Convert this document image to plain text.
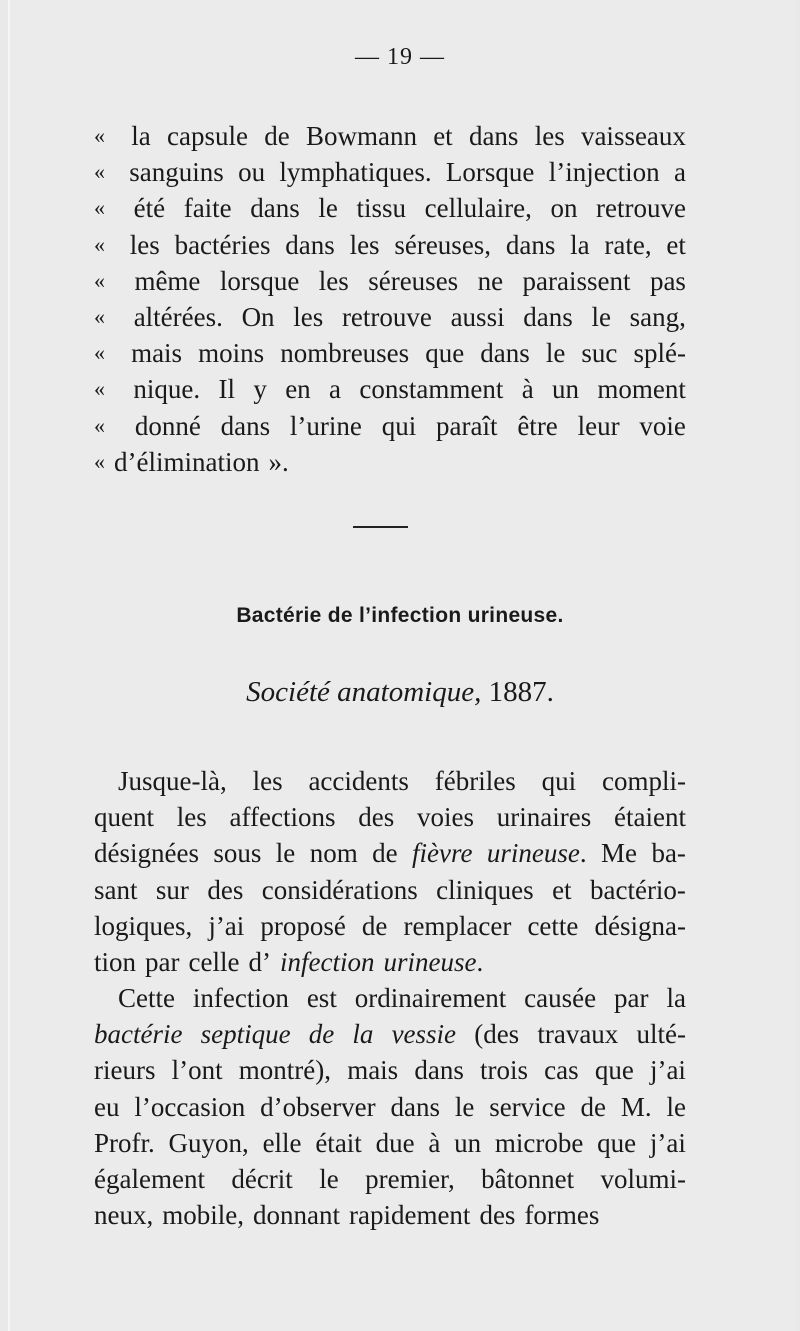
— 19 —
« la capsule de Bowmann et dans les vaisseaux
« sanguins ou lymphatiques. Lorsque l’injection a
« été faite dans le tissu cellulaire, on retrouve
« les bactéries dans les séreuses, dans la rate, et
« même lorsque les séreuses ne paraissent pas
« altérées. On les retrouve aussi dans le sang,
« mais moins nombreuses que dans le suc splé-
« nique. Il y en a constamment à un moment
« donné dans l’urine qui paraît être leur voie
« d’élimination ».
Bactérie de l’infection urineuse.
Société anatomique, 1887.
Jusque-là, les accidents fébriles qui compli-
quent les affections des voies urinaires étaient
désignées sous le nom de fièvre urineuse. Me ba-
sant sur des considérations cliniques et bactério-
logiques, j’ai proposé de remplacer cette désigna-
tion par celle d’ infection urineuse.
Cette infection est ordinairement causée par la
bactérie septique de la vessie (des travaux ulté-
rieurs l’ont montré), mais dans trois cas que j’ai
eu l’occasion d’observer dans le service de M. le
Profr. Guyon, elle était due à un microbe que j’ai
également décrit le premier, bâtonnet volumi-
neux, mobile, donnant rapidement des formes
